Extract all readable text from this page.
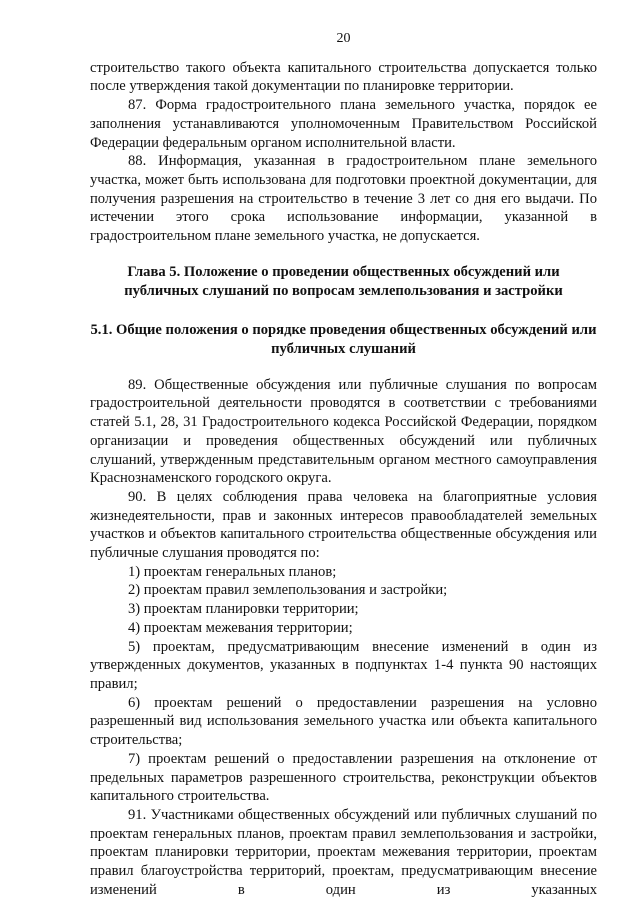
20

строительство такого объекта капитального строительства допускается только после утверждения такой документации по планировке территории.

87. Форма градостроительного плана земельного участка, порядок ее заполнения устанавливаются уполномоченным Правительством Российской Федерации федеральным органом исполнительной власти.

88. Информация, указанная в градостроительном плане земельного участка, может быть использована для подготовки проектной документации, для получения разрешения на строительство в течение 3 лет со дня его выдачи. По истечении этого срока использование информации, указанной в градостроительном плане земельного участка, не допускается.

Глава 5. Положение о проведении общественных обсуждений или публичных слушаний по вопросам землепользования и застройки
5.1. Общие положения о порядке проведения общественных обсуждений или публичных слушаний

89. Общественные обсуждения или публичные слушания по вопросам градостроительной деятельности проводятся в соответствии с требованиями статей 5.1, 28, 31 Градостроительного кодекса Российской Федерации, порядком организации и проведения общественных обсуждений или публичных слушаний, утвержденным представительным органом местного самоуправления Краснознаменского городского округа.

90. В целях соблюдения права человека на благоприятные условия жизнедеятельности, прав и законных интересов правообладателей земельных участков и объектов капитального строительства общественные обсуждения или публичные слушания проводятся по:

1) проектам генеральных планов;

2) проектам правил землепользования и застройки;

3) проектам планировки территории;

4) проектам межевания территории;

5) проектам, предусматривающим внесение изменений в один из утвержденных документов, указанных в подпунктах 1-4 пункта 90 настоящих правил;

6) проектам решений о предоставлении разрешения на условно разрешенный вид использования земельного участка или объекта капитального строительства;

7) проектам решений о предоставлении разрешения на отклонение от предельных параметров разрешенного строительства, реконструкции объектов капитального строительства.

91. Участниками общественных обсуждений или публичных слушаний по проектам генеральных планов, проектам правил землепользования и застройки, проектам планировки территории, проектам межевания территории, проектам правил благоустройства территорий, проектам, предусматривающим внесение изменений в один из указанных
